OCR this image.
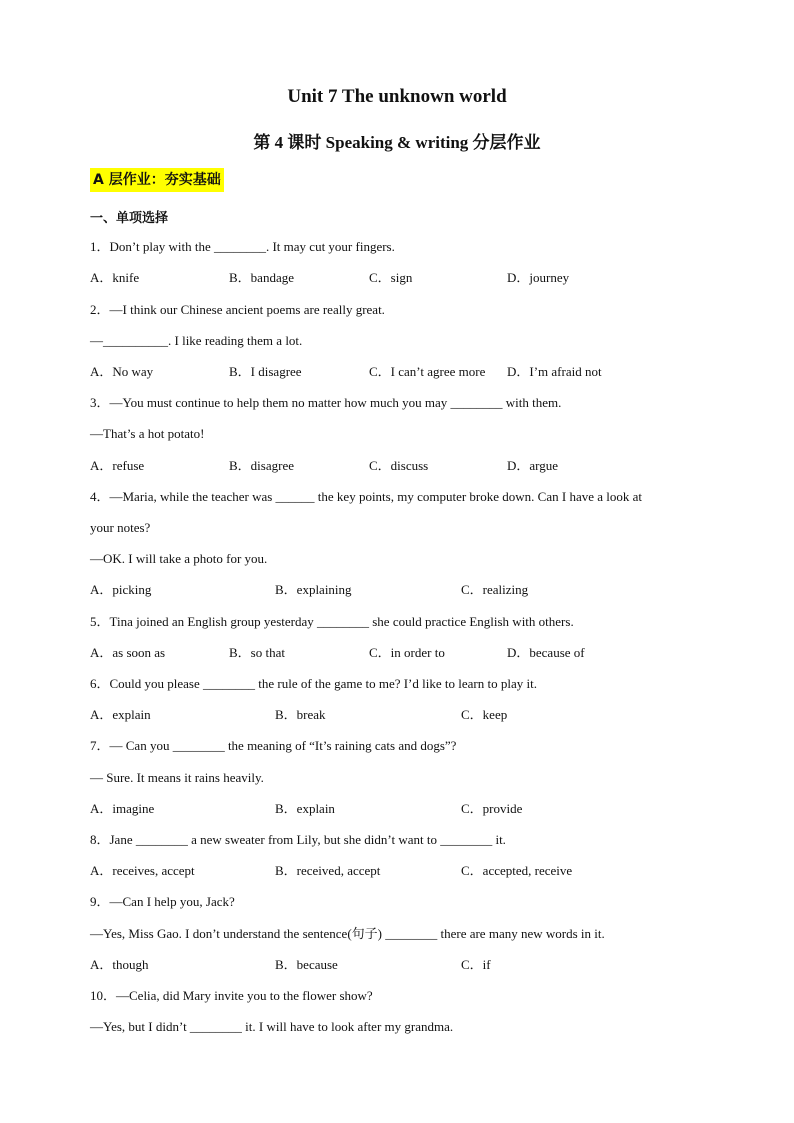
Unit 7 The unknown world
第 4 课时 Speaking & writing 分层作业
A 层作业：夯实基础
一、单项选择
1．Don’t play with the ________. It may cut your fingers.
A．knife	B．bandage	C．sign	D．journey
2．—I think our Chinese ancient poems are really great.
—__________. I like reading them a lot.
A．No way	B．I disagree	C．I can’t agree more D．I’m afraid not
3．—You must continue to help them no matter how much you may ________ with them.
—That’s a hot potato!
A．refuse	B．disagree	C．discuss	D．argue
4．—Maria, while the teacher was ______ the key points, my computer broke down. Can I have a look at
your notes?
—OK. I will take a photo for you.
A．picking	B．explaining	C．realizing
5．Tina joined an English group yesterday ________ she could practice English with others.
A．as soon as	B．so that	C．in order to	D．because of
6．Could you please ________ the rule of the game to me? I’d like to learn to play it.
A．explain	B．break	C．keep
7．— Can you ________ the meaning of “It’s raining cats and dogs”?
— Sure. It means it rains heavily.
A．imagine	B．explain	C．provide
8．Jane ________ a new sweater from Lily, but she didn’t want to ________ it.
A．receives, accept	B．received, accept	C．accepted, receive
9．—Can I help you, Jack?
—Yes, Miss Gao. I don’t understand the sentence(句子) ________ there are many new words in it.
A．though	B．because	C．if
10．—Celia, did Mary invite you to the flower show?
—Yes, but I didn’t ________ it. I will have to look after my grandma.
